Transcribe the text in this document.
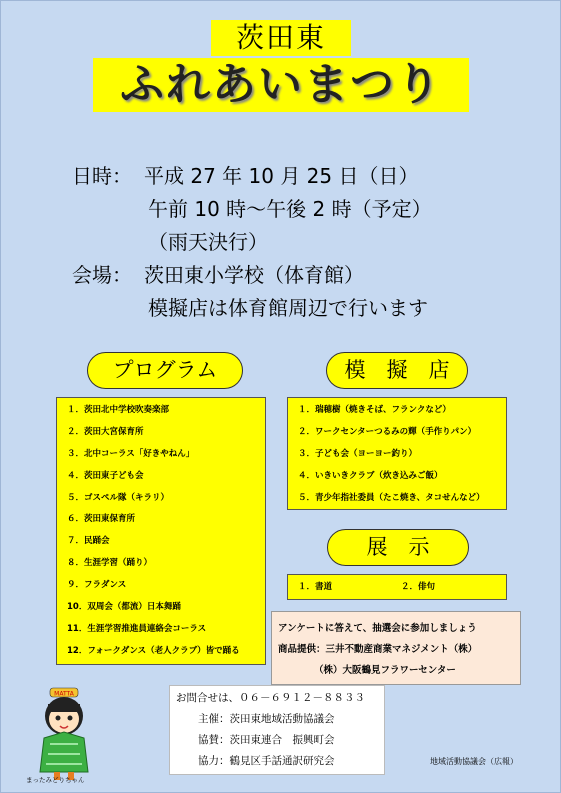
茨田東
ふれあいまつり
日時： 平成 27 年 10 月 25 日（日）
午前 10 時～午後 2 時（予定）
（雨天決行）
会場： 茨田東小学校（体育館）
模擬店は体育館周辺で行います
プログラム
１．茨田北中学校吹奏楽部
２．茨田大宮保育所
３．北中コーラス「好きやねん」
４．茨田東子ども会
５．ゴスペル隊（キラリ）
６．茨田東保育所
７．民踊会
８．生涯学習（踊り）
９．フラダンス
10．双周会（都流）日本舞踊
11．生涯学習推進員連絡会コーラス
12．フォークダンス（老人クラブ）皆で踊る
模　擬　店
１．瑞穂樹（焼きそば、フランクなど）
２．ワークセンターつるみの輝（手作りパン）
３．子ども会（ヨーヨー釣り）
４．いきいきクラブ（炊き込みご飯）
５．青少年指社委員（たこ焼き、タコせんなど）
展　示
１．書道	２．俳句
アンケートに答えて、抽選会に参加しましょう
商品提供：三井不動産商業マネジメント（株）
（株）大阪鶴見フラワーセンター
MATTA
まったみどりちゃん
お問合せは、０６－６９１２－８８３３
主催：茨田東地域活動協議会
協賛：茨田東連合　振興町会
協力：鶴見区手話通訳研究会	地域活動協議会（広報）
